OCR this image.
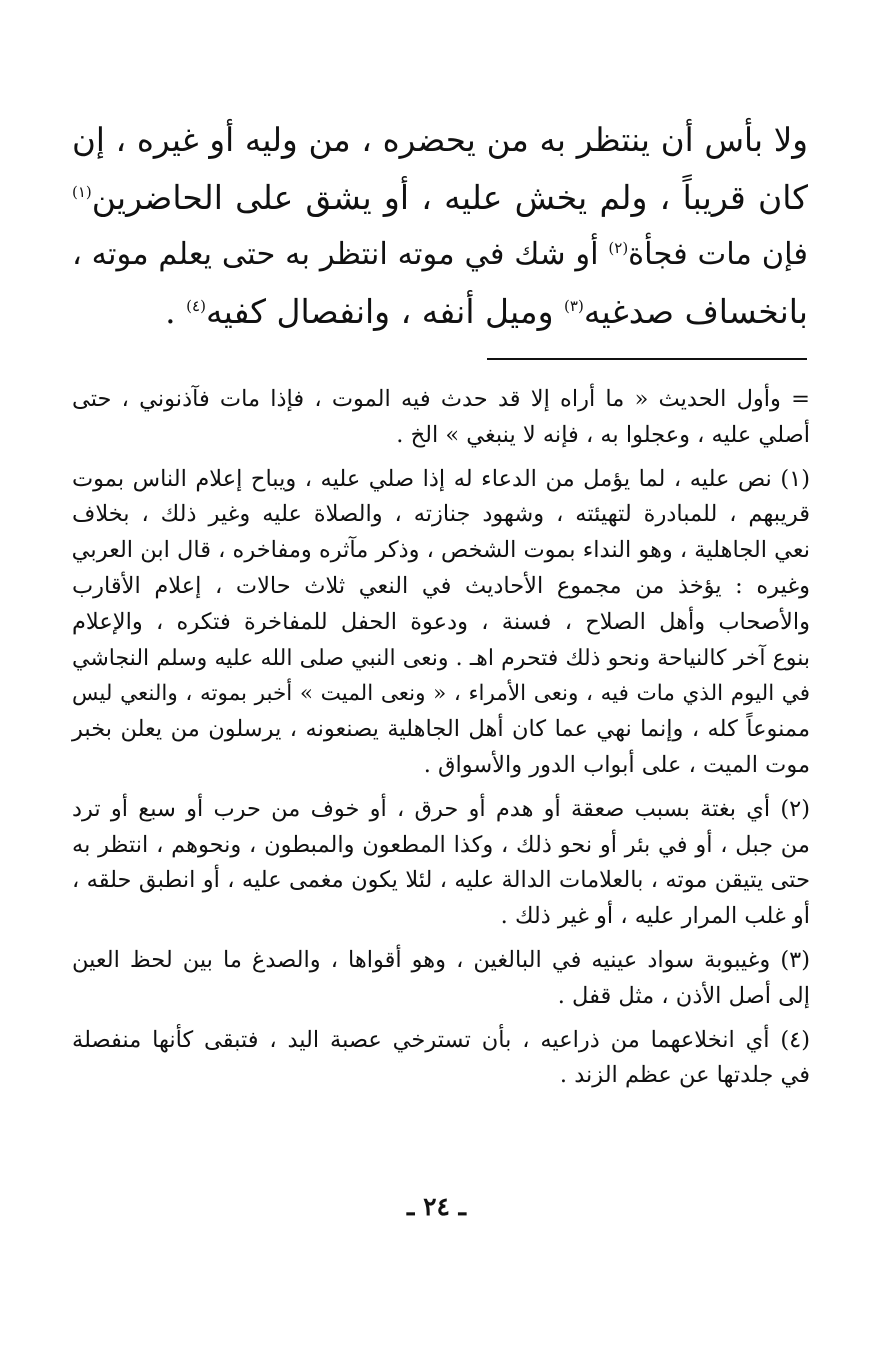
ولا بأس أن ينتظر به من يحضره ، من وليه أو غيره ، إن
كان قريباً ، ولم يخش عليه ، أو يشق على الحاضرين$^{(١)}$
فإن مات فجأة$^{(٢)}$ أو شك في موته انتظر به حتى يعلم موته ،
بانخساف صدغيه$^{(٣)}$ وميل أنفه ، وانفصال كفيه$^{(٤)}$ .
= وأول الحديث « ما أراه إلا قد حدث فيه الموت ، فإذا مات فآذنوني ، حتى
أصلي عليه ، وعجلوا به ، فإنه لا ينبغي » الخ .
(١) نص عليه ، لما يؤمل من الدعاء له إذا صلي عليه ، ويباح إعلام الناس بموت
قريبهم ، للمبادرة لتهيئته ، وشهود جنازته ، والصلاة عليه وغير ذلك ، بخلاف
نعي الجاهلية ، وهو النداء بموت الشخص ، وذكر مآثره ومفاخره ، قال ابن العربي
وغيره : يؤخذ من مجموع الأحاديث في النعي ثلاث حالات ، إعلام الأقارب
والأصحاب وأهل الصلاح ، فسنة ، ودعوة الحفل للمفاخرة فتكره ، والإعلام
بنوع آخر كالنياحة ونحو ذلك فتحرم اهـ . ونعى النبي صلى الله عليه وسلم النجاشي
في اليوم الذي مات فيه ، ونعى الأمراء ، « ونعى الميت » أخبر بموته ، والنعي ليس
ممنوعاً كله ، وإنما نهي عما كان أهل الجاهلية يصنعونه ، يرسلون من يعلن بخبر
موت الميت ، على أبواب الدور والأسواق .
(٢) أي بغتة بسبب صعقة أو هدم أو حرق ، أو خوف من حرب أو سبع أو ترد
من جبل ، أو في بئر أو نحو ذلك ، وكذا المطعون والمبطون ، ونحوهم ، انتظر به
حتى يتيقن موته ، بالعلامات الدالة عليه ، لئلا يكون مغمى عليه ، أو انطبق حلقه ،
أو غلب المرار عليه ، أو غير ذلك .
(٣) وغيبوبة سواد عينيه في البالغين ، وهو أقواها ، والصدغ ما بين لحظ العين
إلى أصل الأذن ، مثل قفل .
(٤) أي انخلاعهما من ذراعيه ، بأن تسترخي عصبة اليد ، فتبقى كأنها منفصلة
في جلدتها عن عظم الزند .
ـ ٢٤ ـ
